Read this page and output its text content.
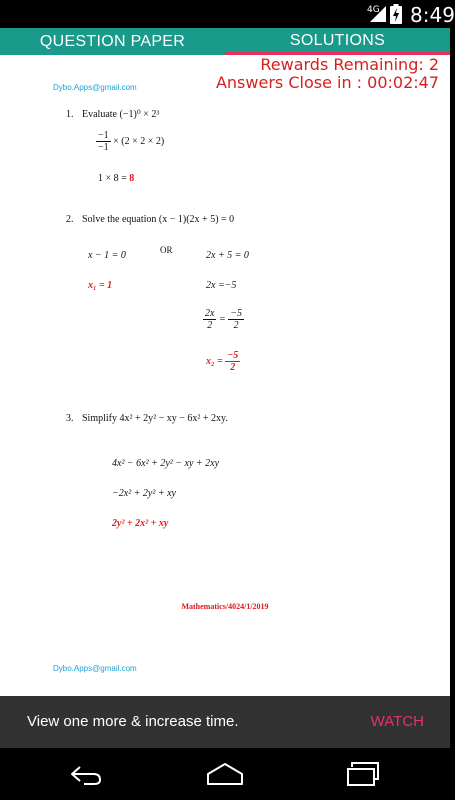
4G 8:49
QUESTION PAPER	SOLUTIONS
Rewards Remaining: 2
Answers Close in : 00:02:47
Dybo.Apps@gmail.com
1. Evaluate (−1)⁰ × 2³
$\frac{-1}{-1} \times (2 \times 2 \times 2)$
1 × 8 = 8
2. Solve the equation (x − 1)(2x + 5) = 0
x − 1 = 0	OR	2x + 5 = 0
x₁ = 1	2x =−5
$\frac{2x}{2} = \frac{-5}{2}$
$x_2 = \frac{-5}{2}$
3. Simplify 4x² + 2y² − xy − 6x² + 2xy.
4x² − 6x² + 2y² − xy + 2xy
−2x² + 2y² + xy
2y² + 2x² + xy
Mathematics/4024/1/2019
Dybo.Apps@gmail.com
View one more & increase time.	WATCH
